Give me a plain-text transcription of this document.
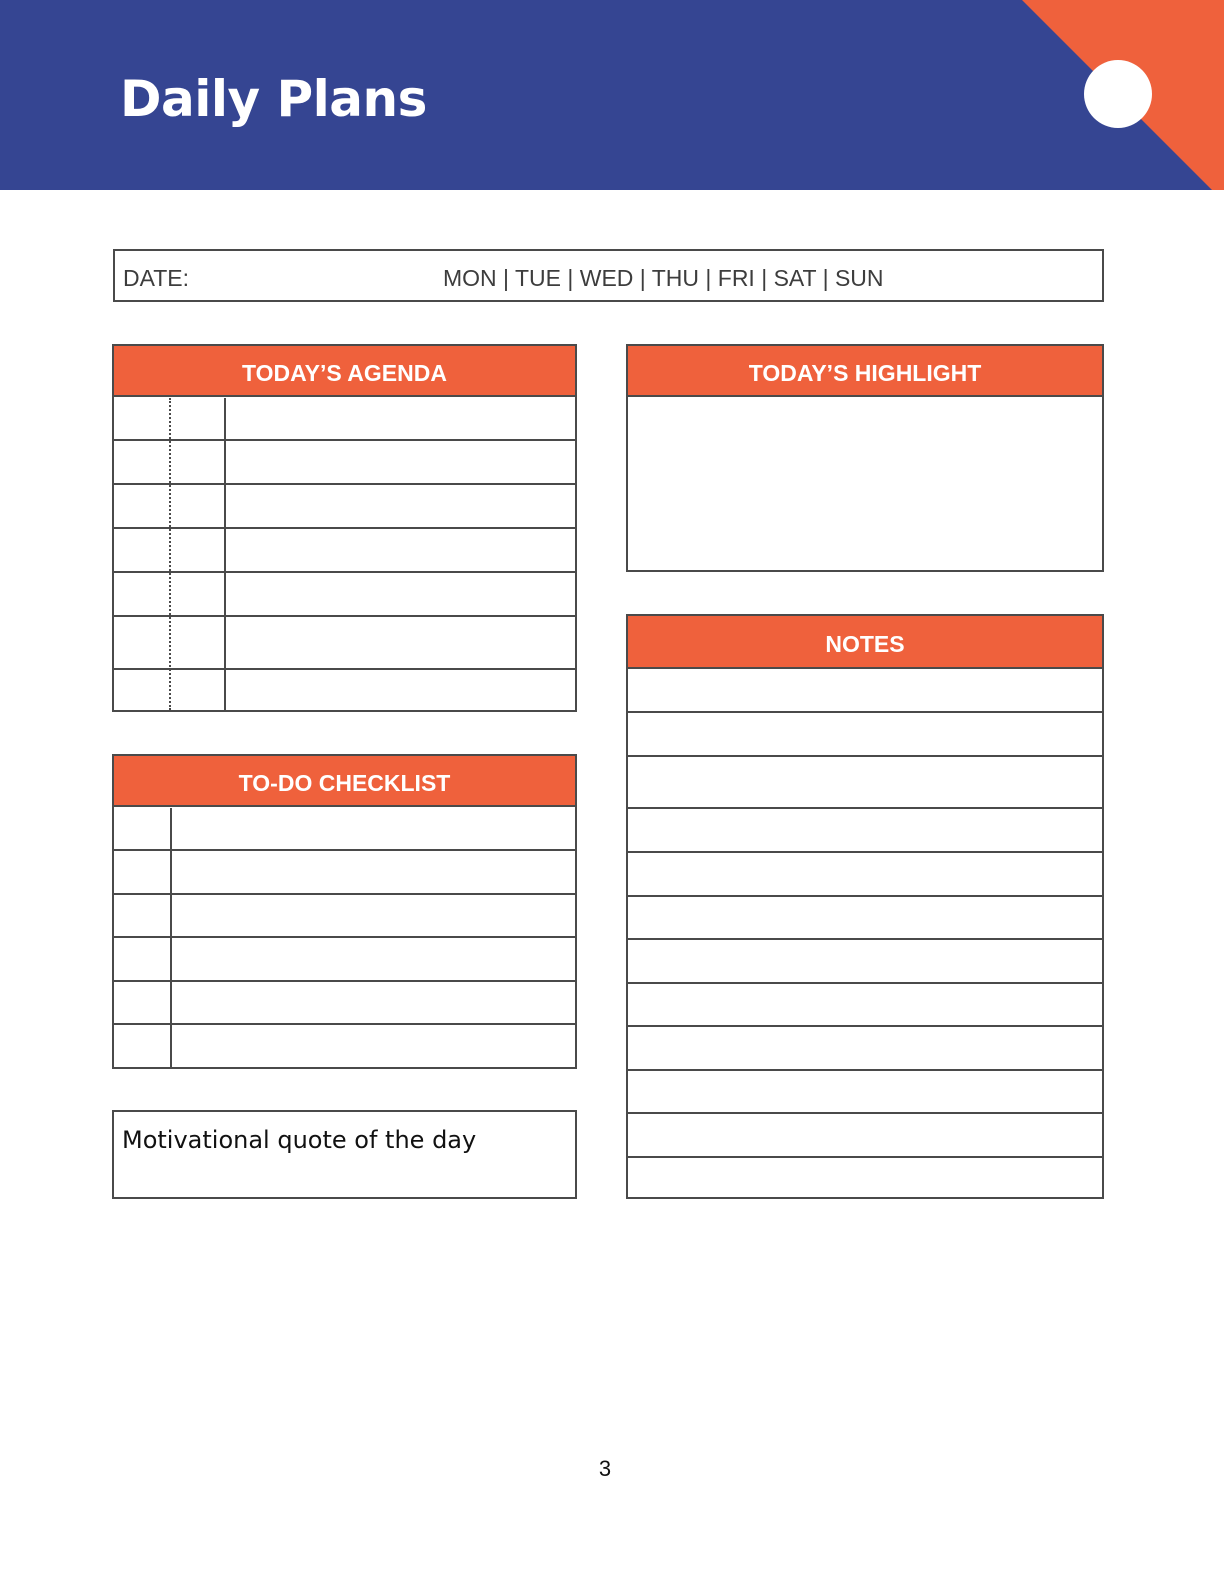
Daily Plans
DATE:	MON | TUE | WED | THU | FRI | SAT | SUN
TODAY’S AGENDA	TODAY’S HIGHLIGHT
NOTES
TO-DO CHECKLIST
Motivational quote of the day
3
